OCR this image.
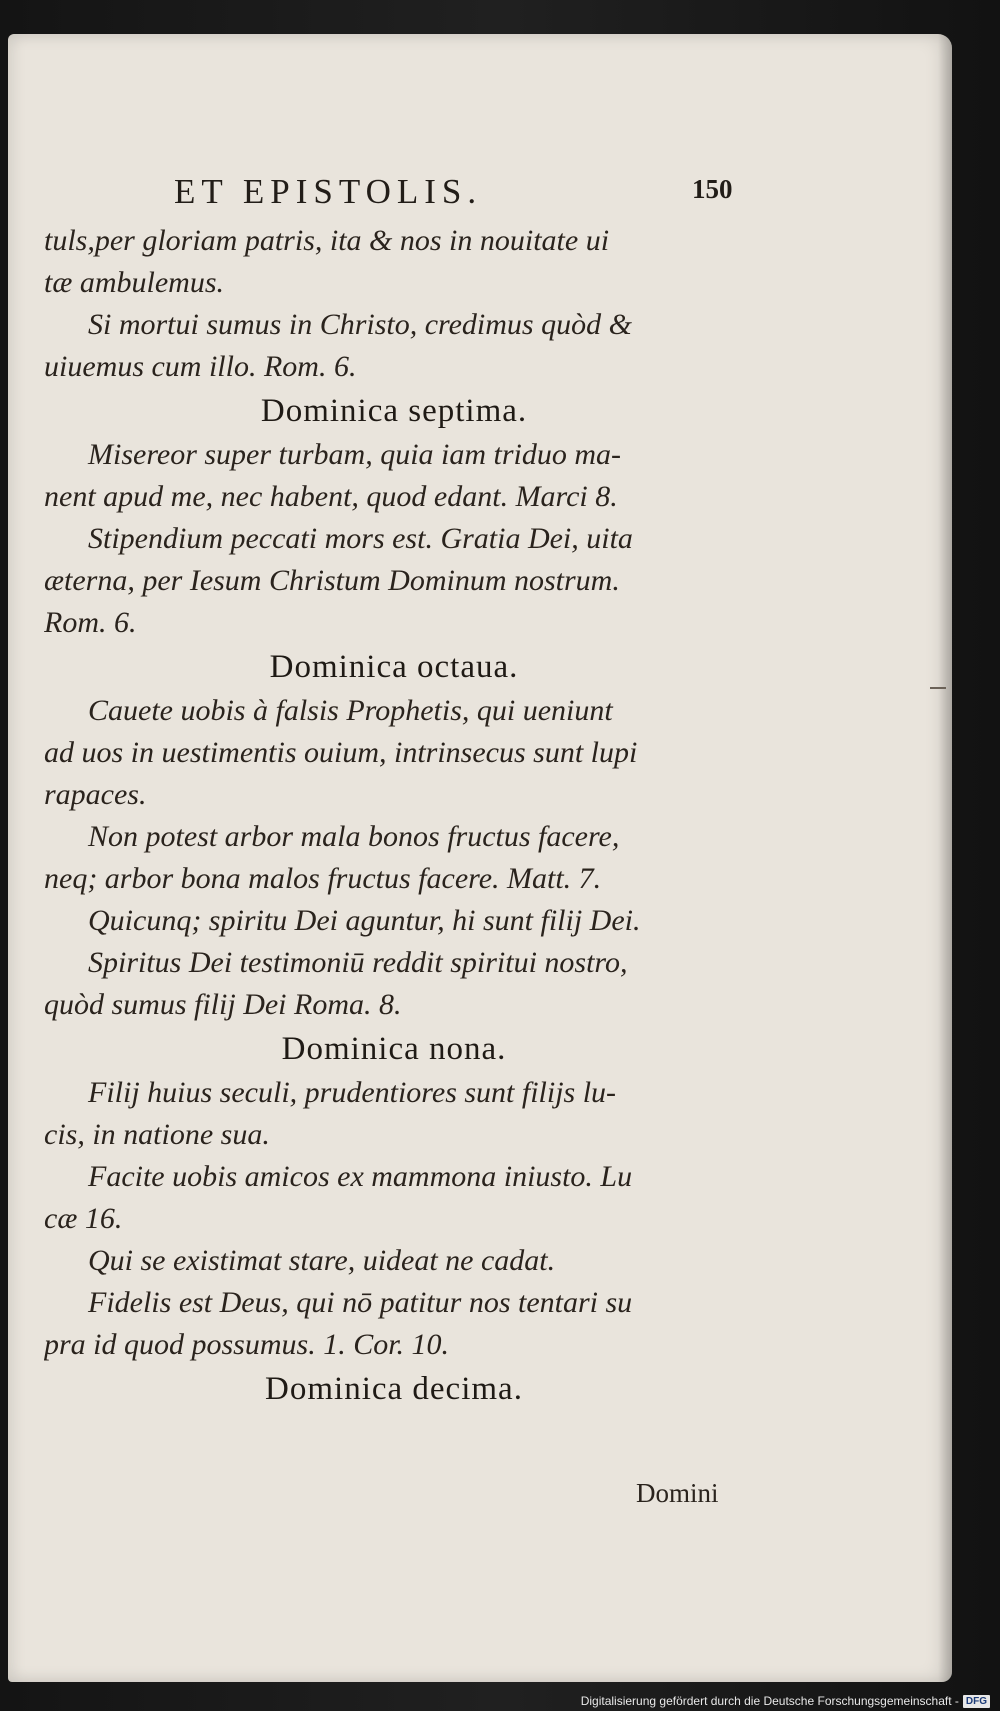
ET EPISTOLIS.	150
tuls,per gloriam patris, ita & nos in nouitate ui
tæ ambulemus.
Si mortui sumus in Christo, credimus quòd &
uiuemus cum illo. Rom. 6.
Dominica septima.
Misereor super turbam, quia iam triduo ma-
nent apud me, nec habent, quod edant. Marci 8.
Stipendium peccati mors est. Gratia Dei, uita
æterna, per Iesum Christum Dominum nostrum.
Rom. 6.
Dominica octaua.
Cauete uobis à falsis Prophetis, qui ueniunt
ad uos in uestimentis ouium, intrinsecus sunt lupi
rapaces.
Non potest arbor mala bonos fructus facere,
neq; arbor bona malos fructus facere. Matt. 7.
Quicunq; spiritu Dei aguntur, hi sunt filij Dei.
Spiritus Dei testimoniū reddit spiritui nostro,
quòd sumus filij Dei Roma. 8.
Dominica nona.
Filij huius seculi, prudentiores sunt filijs lu-
cis, in natione sua.
Facite uobis amicos ex mammona iniusto. Lu
cæ 16.
Qui se existimat stare, uideat ne cadat.
Fidelis est Deus, qui nō patitur nos tentari su
pra id quod possumus. 1. Cor. 10.
Dominica decima.
Domini
Digitalisierung gefördert durch die Deutsche Forschungsgemeinschaft - DFG
